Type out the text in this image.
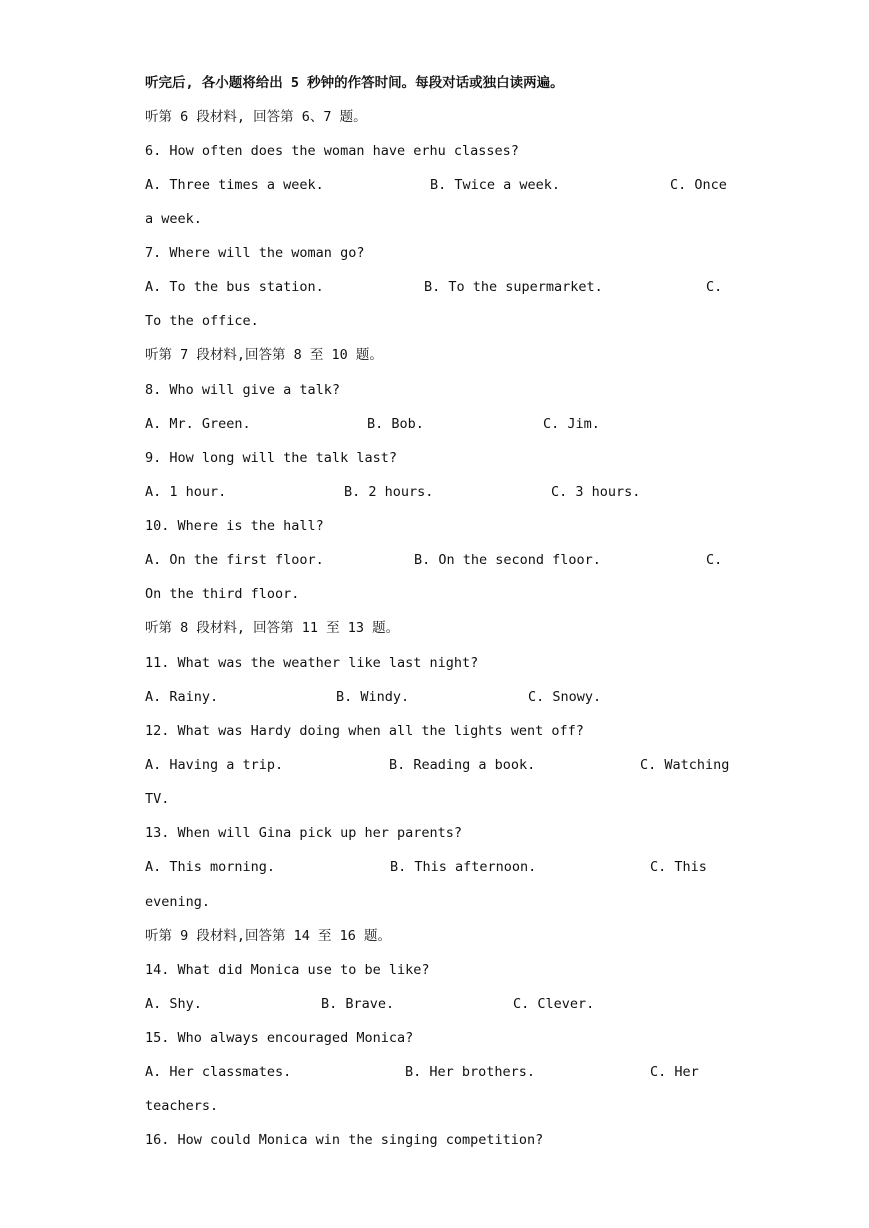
听完后, 各小题将给出 5 秒钟的作答时间。每段对话或独白读两遍。
听第 6 段材料, 回答第 6、7 题。
6. How often does the woman have erhu classes?
A. Three times a week.	B. Twice a week.	C. Once
a week.
7. Where will the woman go?
A. To the bus station.	B. To the supermarket.	C.
To the office.
听第 7 段材料,回答第 8 至 10 题。
8. Who will give a talk?
A. Mr. Green.	B. Bob.	C. Jim.
9. How long will the talk last?
A. 1 hour.	B. 2 hours.	C. 3 hours.
10. Where is the hall?
A. On the first floor.	B. On the second floor.	C.
On the third floor.
听第 8 段材料, 回答第 11 至 13 题。
11. What was the weather like last night?
A. Rainy.	B. Windy.	C. Snowy.
12. What was Hardy doing when all the lights went off?
A. Having a trip.	B. Reading a book.	C. Watching
TV.
13. When will Gina pick up her parents?
A. This morning.	B. This afternoon.	C. This
evening.
听第 9 段材料,回答第 14 至 16 题。
14. What did Monica use to be like?
A. Shy.	B. Brave.	C. Clever.
15. Who always encouraged Monica?
A. Her classmates.	B. Her brothers.	C. Her
teachers.
16. How could Monica win the singing competition?
